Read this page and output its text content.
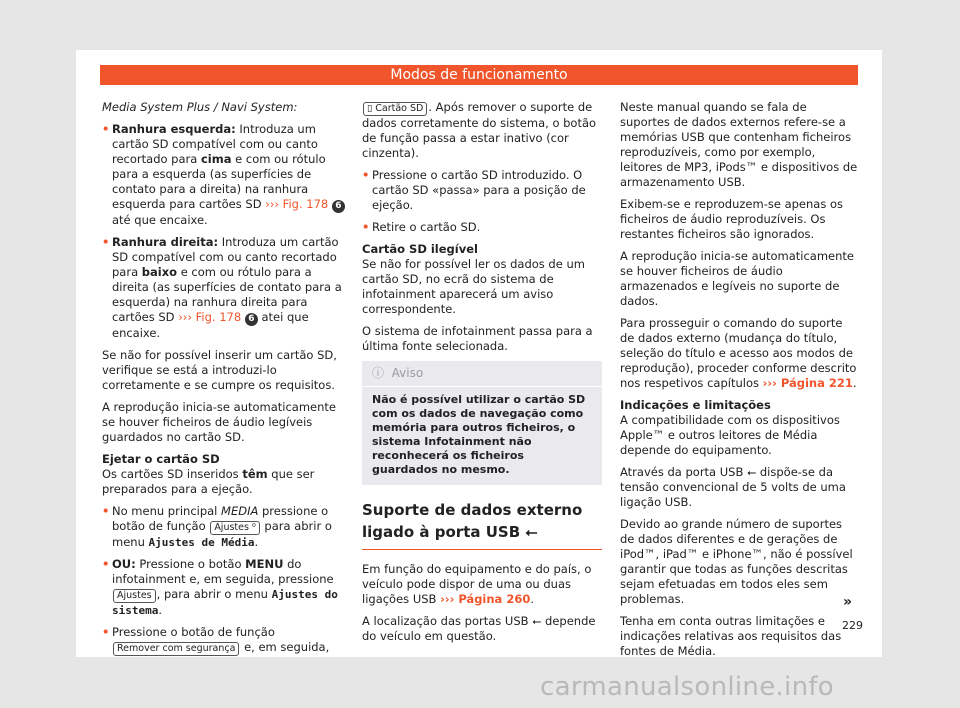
Modos de funcionamento

Media System Plus / Navi System:

• Ranhura esquerda: Introduza um cartão SD compatível com ou canto recortado para cima e com ou rótulo para a esquerda (as superfícies de contato para a direita) na ranhura esquerda para cartões SD ››› Fig. 178 6 até que encaixe.

• Ranhura direita: Introduza um cartão SD compatível com ou canto recortado para baixo e com ou rótulo para a direita (as superfícies de contato para a esquerda) na ranhura direita para cartões SD ››› Fig. 178 6 atei que encaixe.

Se não for possível inserir um cartão SD, verifique se está a introduzi-lo corretamente e se cumpre os requisitos.

A reprodução inicia-se automaticamente se houver ficheiros de áudio legíveis guardados no cartão SD.

Ejetar o cartão SD

Os cartões SD inseridos têm que ser preparados para a ejeção.

• No menu principal MEDIA pressione o botão de função Ajustes ⁰ para abrir o menu Ajustes de Média.

• OU: Pressione o botão MENU do infotainment e, em seguida, pressione Ajustes , para abrir o menu Ajustes do sistema.

• Pressione o botão de função Remover com segurança e, em seguida,

▯ Cartão SD . Após remover o suporte de dados corretamente do sistema, o botão de função passa a estar inativo (cor cinzenta).

• Pressione o cartão SD introduzido. O cartão SD «passa» para a posição de ejeção.

• Retire o cartão SD.

Cartão SD ilegível

Se não for possível ler os dados de um cartão SD, no ecrã do sistema de infotainment aparecerá um aviso correspondente.

O sistema de infotainment passa para a última fonte selecionada.

ⓘ Aviso
Não é possível utilizar o cartão SD com os dados de navegação como memória para outros ficheiros, o sistema Infotainment não reconhecerá os ficheiros guardados no mesmo.
Suporte de dados externo ligado à porta USB ⭠

Em função do equipamento e do país, o veículo pode dispor de uma ou duas ligações USB ››› Página 260.

A localização das portas USB ⭠ depende do veículo em questão.

Neste manual quando se fala de suportes de dados externos refere-se a memórias USB que contenham ficheiros reproduzíveis, como por exemplo, leitores de MP3, iPods™ e dispositivos de armazenamento USB.

Exibem-se e reproduzem-se apenas os ficheiros de áudio reproduzíveis. Os restantes ficheiros são ignorados.

A reprodução inicia-se automaticamente se houver ficheiros de áudio armazenados e legíveis no suporte de dados.

Para prosseguir o comando do suporte de dados externo (mudança do título, seleção do título e acesso aos modos de reprodução), proceder conforme descrito nos respetivos capítulos ››› Página 221.

Indicações e limitações

A compatibilidade com os dispositivos Apple™ e outros leitores de Média depende do equipamento.

Através da porta USB ⭠ dispõe-se da tensão convencional de 5 volts de uma ligação USB.

Devido ao grande número de suportes de dados diferentes e de gerações de iPod™, iPad™ e iPhone™, não é possível garantir que todas as funções descritas sejam efetuadas em todos eles sem problemas.

Tenha em conta outras limitações e indicações relativas aos requisitos das fontes de Média.

»
229
carmanualsonline.info
